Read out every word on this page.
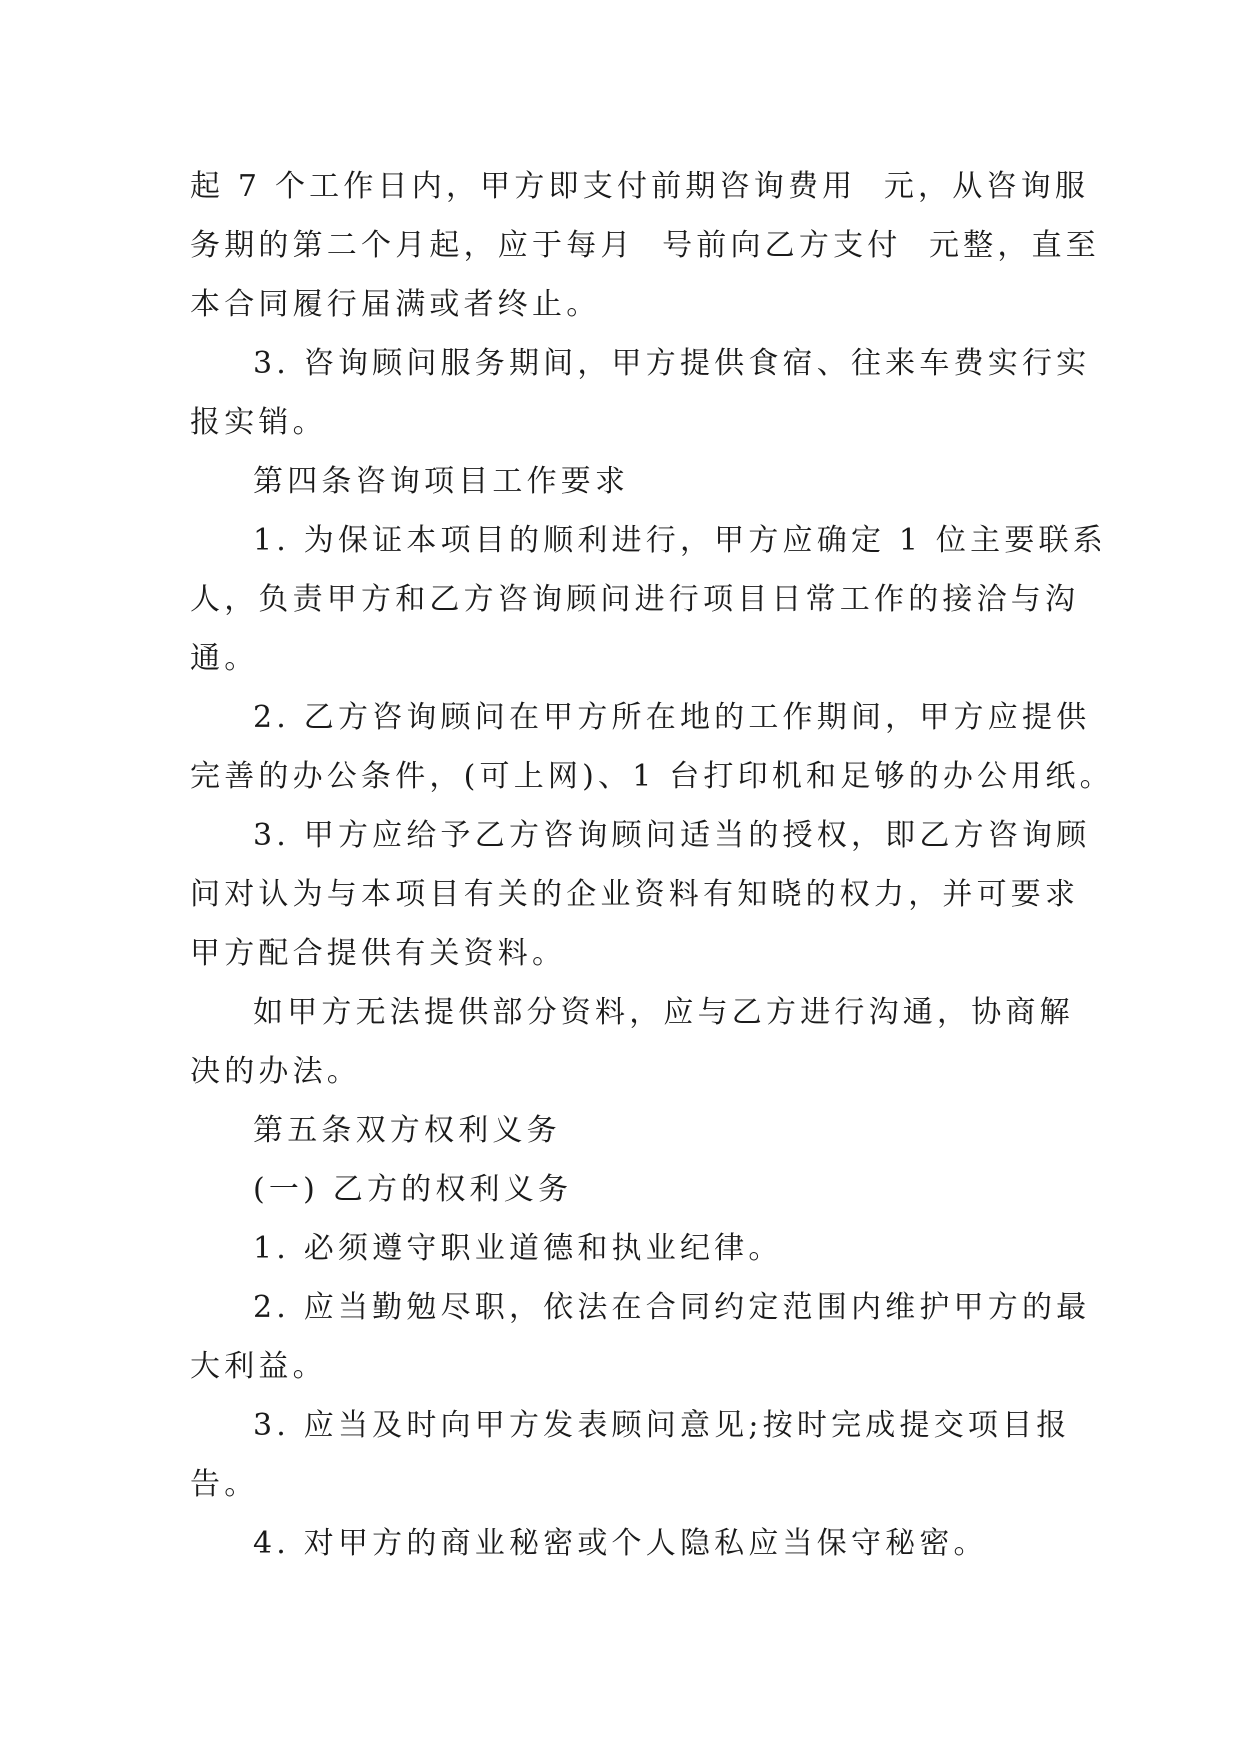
起 7 个工作日内，甲方即支付前期咨询费用  元，从咨询服
务期的第二个月起，应于每月  号前向乙方支付  元整，直至
本合同履行届满或者终止。
3. 咨询顾问服务期间，甲方提供食宿、往来车费实行实
报实销。
第四条咨询项目工作要求
1. 为保证本项目的顺利进行，甲方应确定 1 位主要联系
人，负责甲方和乙方咨询顾问进行项目日常工作的接洽与沟
通。
2. 乙方咨询顾问在甲方所在地的工作期间，甲方应提供
完善的办公条件，(可上网)、1 台打印机和足够的办公用纸。
3. 甲方应给予乙方咨询顾问适当的授权，即乙方咨询顾
问对认为与本项目有关的企业资料有知晓的权力，并可要求
甲方配合提供有关资料。
如甲方无法提供部分资料，应与乙方进行沟通，协商解
决的办法。
第五条双方权利义务
(一) 乙方的权利义务
1. 必须遵守职业道德和执业纪律。
2. 应当勤勉尽职，依法在合同约定范围内维护甲方的最
大利益。
3. 应当及时向甲方发表顾问意见;按时完成提交项目报
告。
4. 对甲方的商业秘密或个人隐私应当保守秘密。
